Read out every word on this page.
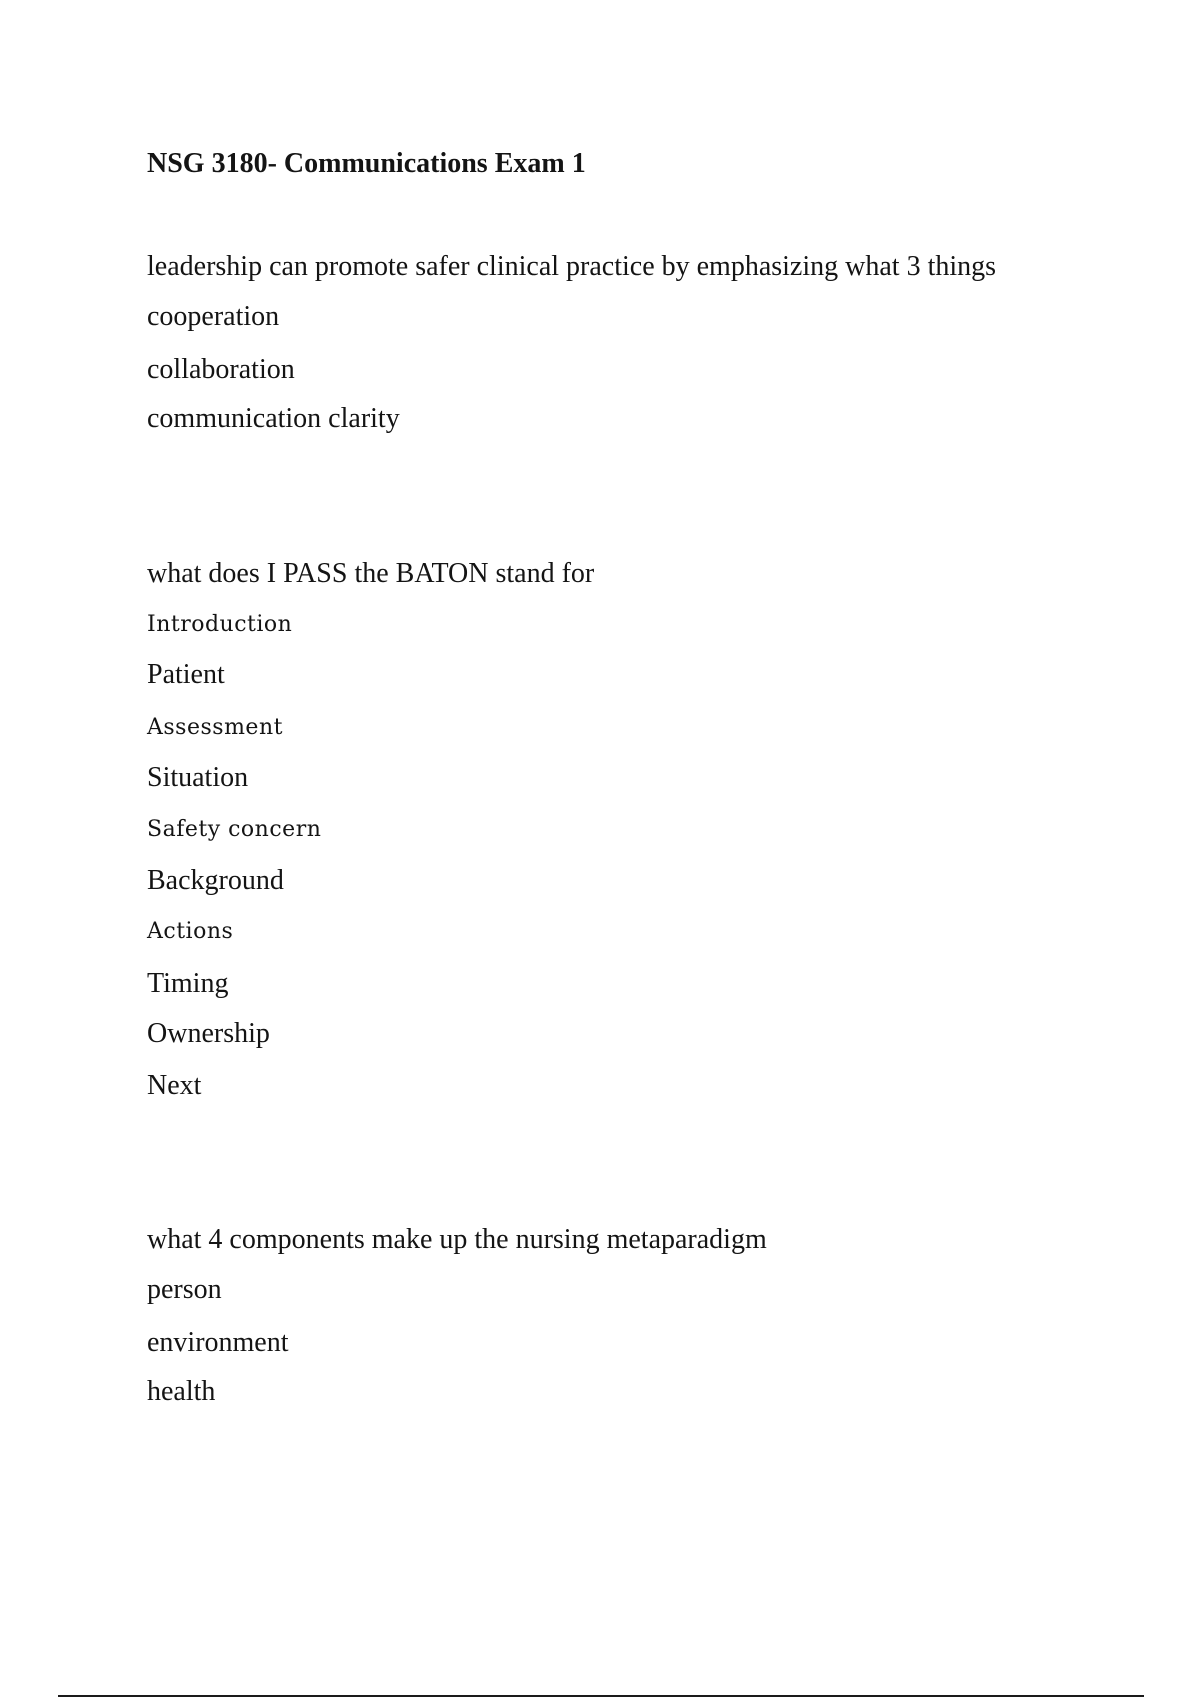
NSG 3180- Communications Exam 1
leadership can promote safer clinical practice by emphasizing what 3 things
cooperation
collaboration
communication clarity
what does I PASS the BATON stand for
Introduction
Patient
Assessment
Situation
Safety concern
Background
Actions
Timing
Ownership
Next
what 4 components make up the nursing metaparadigm
person
environment
health
